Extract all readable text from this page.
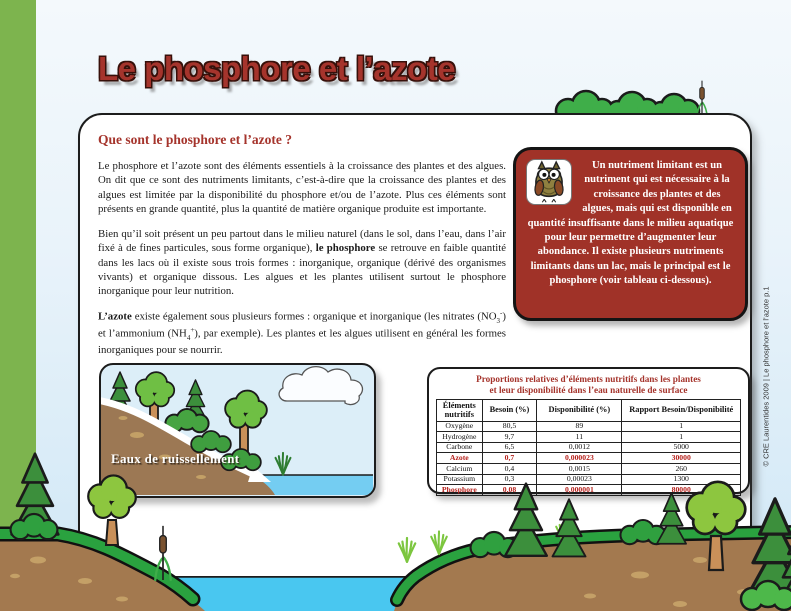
Le phosphore et l’azote
Que sont le phosphore et l’azote ?

Le phosphore et l’azote sont des éléments essentiels à la croissance des plantes et des algues. On dit que ce sont des nutriments limitants, c’est-à-dire que la croissance des plantes et des algues est limitée par la disponibilité du phosphore et/ou de l’azote. Plus ces éléments sont présents en grande quantité, plus la quantité de matière organique produite est importante.

Bien qu’il soit présent un peu partout dans le milieu naturel (dans le sol, dans l’eau, dans l’air fixé à de fines particules, sous forme organique), le phosphore se retrouve en faible quantité dans les lacs où il existe sous trois formes : inorganique, organique (dérivé des organismes vivants) et organique dissous. Les algues et les plantes utilisent surtout le phosphore inorganique pour leur nutrition.

L’azote existe également sous plusieurs formes : organique et inorganique (les nitrates $(NO_3^-)$ et l’ammonium $(NH_4^+)$, par exemple). Les plantes et les algues utilisent en général les formes inorganiques pour se nourrir.

Un nutriment limitant est un nutriment qui est nécessaire à la croissance des plantes et des algues, mais qui est disponible en quantité insuffisante dans le milieu aquatique pour leur permettre d’augmenter leur abondance. Il existe plusieurs nutriments limitants dans un lac, mais le principal est le phosphore (voir tableau ci-dessous).

Eaux de ruissellement
Proportions relatives d’éléments nutritifs dans les plantes
et leur disponibilité dans l’eau naturelle de surface
Éléments nutritifs	Besoin (%)	Disponibilité (%)	Rapport Besoin/Disponibilité
Oxygène	80,5	89	1
Hydrogène	9,7	11	1
Carbone	6,5	0,0012	5000
Azote	0,7	0,000023	30000
Calcium	0,4	0,0015	260
Potassium	0,3	0,00023	1300
Phosphore	0,08	0,000001	80000
© CRE Laurentides 2009 | Le phosphore et l’azote p.1
